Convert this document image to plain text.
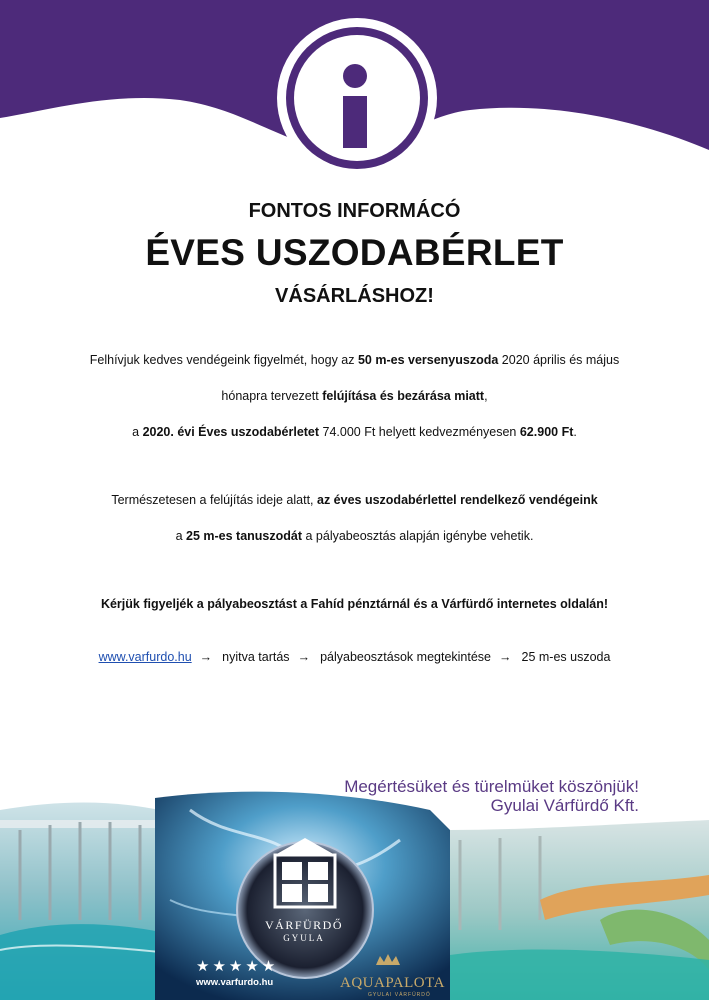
FONTOS INFORMÁCÓ
ÉVES USZODABÉRLET
VÁSÁRLÁSHOZ!

Felhívjuk kedves vendégeink figyelmét, hogy az 50 m-es versenyuszoda 2020 április és május

hónapra tervezett felújítása és bezárása miatt,

a 2020. évi Éves uszodabérletet 74.000 Ft helyett kedvezményesen 62.900 Ft.

Természetesen a felújítás ideje alatt, az éves uszodabérlettel rendelkező vendégeink

a 25 m-es tanuszodát a pályabeosztás alapján igénybe vehetik.

Kérjük figyeljék a pályabeosztást a Fahíd pénztárnál és a Várfürdő internetes oldalán!

www.varfurdo.hu → nyitva tartás → pályabeosztások megtekintése → 25 m-es uszoda

VÁRFÜRDŐ
GYULA
★★★★★
www.varfurdo.hu	AQUAPALOTA
GYULAI VÁRFÜRDŐ
Megértésüket és türelmüket köszönjük!
Gyulai Várfürdő Kft.
